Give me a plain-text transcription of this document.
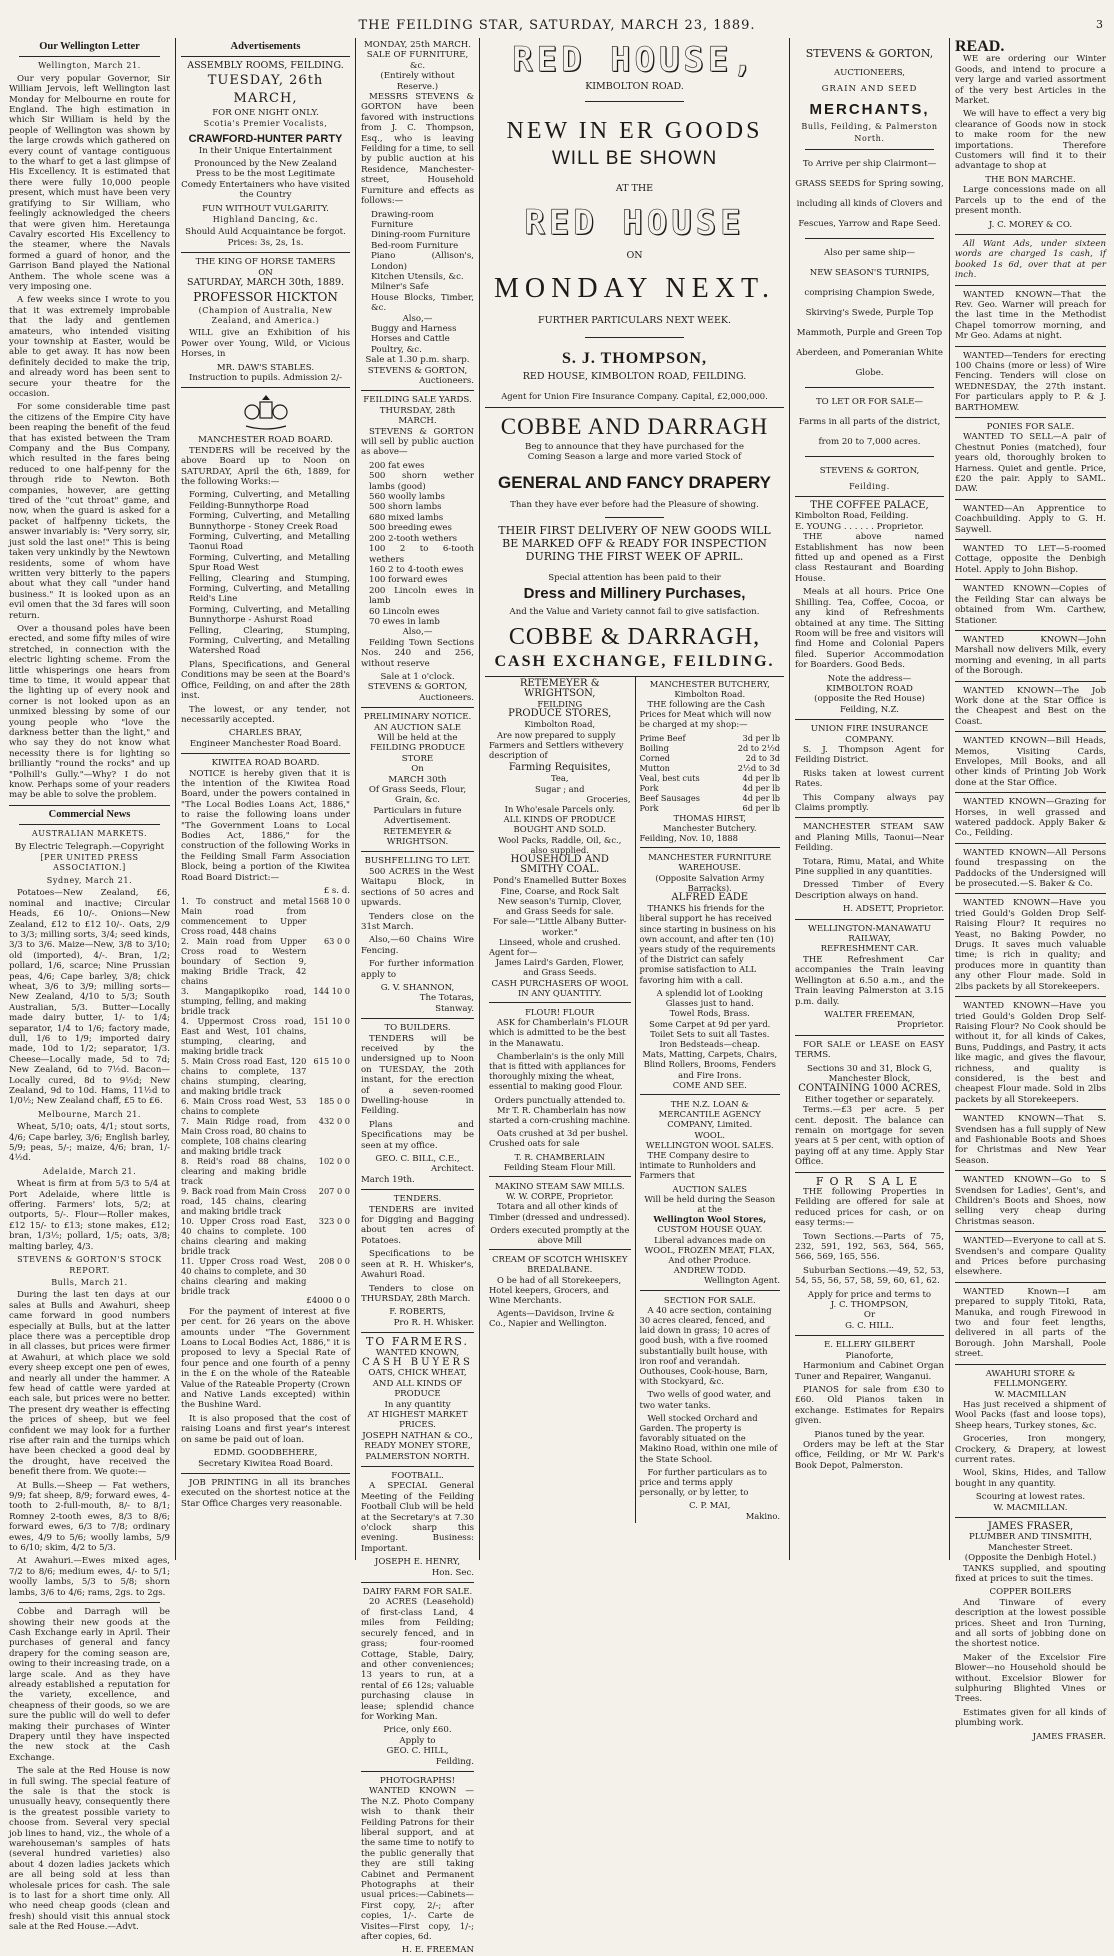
THE FEILDING STAR, SATURDAY, MARCH 23, 1889.	3
Our Wellington Letter
Wellington, March 21.

Our very popular Governor, Sir William Jervois, left Wellington last Monday for Melbourne en route for England. The high estimation in which Sir William is held by the people of Wellington was shown by the large crowds which gathered on every count of vantage contiguous to the wharf to get a last glimpse of His Excellency. It is estimated that there were fully 10,000 people present, which must have been very gratifying to Sir William, who feelingly acknowledged the cheers that were given him. Heretaunga Cavalry escorted His Excellency to the steamer, where the Navals formed a guard of honor, and the Garrison Band played the National Anthem. The whole scene was a very imposing one.

A few weeks since I wrote to you that it was extremely improbable that the lady and gentlemen amateurs, who intended visiting your township at Easter, would be able to get away. It has now been definitely decided to make the trip, and already word has been sent to secure your theatre for the occasion.

For some considerable time past the citizens of the Empire City have been reaping the benefit of the feud that has existed between the Tram Company and the Bus Company, which resulted in the fares being reduced to one half-penny for the through ride to Newton. Both companies, however, are getting tired of the "cut throat" game, and now, when the guard is asked for a packet of halfpenny tickets, the answer invariably is: "Very sorry, sir, just sold the last one!" This is being taken very unkindly by the Newtown residents, some of whom have written very bitterly to the papers about what they call "under hand business." It is looked upon as an evil omen that the 3d fares will soon return.

Over a thousand poles have been erected, and some fifty miles of wire stretched, in connection with the electric lighting scheme. From the little whisperings one hears from time to time, it would appear that the lighting up of every nook and corner is not looked upon as an unmixed blessing by some of our young people who "love the darkness better than the light," and who say they do not know what necessity there is for lighting so brilliantly "round the rocks" and up "Polhill's Gully."—Why? I do not know. Perhaps some of your readers may be able to solve the problem.

Commercial News
AUSTRALIAN MARKETS.
By Electric Telegraph.—Copyright
[PER UNITED PRESS ASSOCIATION.]
Sydney, March 21.

Potatoes—New Zealand, £6, nominal and inactive; Circular Heads, £6 10/-. Onions—New Zealand, £12 to £12 10/-. Oats, 2/9 to 3/3; milling sorts, 3/4; seed kinds, 3/3 to 3/6. Maize—New, 3/8 to 3/10; old (imported), 4/-. Bran, 1/2; pollard, 1/6, scarce; Nine Prussian peas, 4/6; Cape barley, 3/8; chick wheat, 3/6 to 3/9; milling sorts—New Zealand, 4/10 to 5/3; South Australian, 5/3. Butter—Locally made dairy butter, 1/- to 1/4; separator, 1/4 to 1/6; factory made, dull, 1/6 to 1/9; imported dairy made, 10d to 1/2; separator, 1/3. Cheese—Locally made, 5d to 7d; New Zealand, 6d to 7½d. Bacon—Locally cured, 8d to 9½d; New Zealand, 9d to 10d. Hams, 11½d to 1/0½; New Zealand chaff, £5 to £6.

Melbourne, March 21.

Wheat, 5/10; oats, 4/1; stout sorts, 4/6; Cape barley, 3/6; English barley, 5/9; peas, 5/-; maize, 4/6; bran, 1/- 4½d.

Adelaide, March 21.

Wheat is firm at from 5/3 to 5/4 at Port Adelaide, where little is offering. Farmers' lots, 5/2; at outports, 5/-. Flour—Roller makes, £12 15/- to £13; stone makes, £12; bran, 1/3½; pollard, 1/5; oats, 3/8; malting barley, 4/3.

STEVENS & GORTON'S STOCK REPORT.
Bulls, March 21.

During the last ten days at our sales at Bulls and Awahuri, sheep came forward in good numbers especially at Bulls, but at the latter place there was a perceptible drop in all classes, but prices were firmer at Awahuri, at which place we sold every sheep except one pen of ewes, and nearly all under the hammer. A few head of cattle were yarded at each sale, but prices were no better. The present dry weather is effecting the prices of sheep, but we feel confident we may look for a further rise after rain and the turnips which have been checked a good deal by the drought, have received the benefit there from. We quote:—

At Bulls.—Sheep — Fat wethers, 9/9; fat sheep, 8/9; forward ewes, 4-tooth to 2-full-mouth, 8/- to 8/1; Romney 2-tooth ewes, 8/3 to 8/6; forward ewes, 6/3 to 7/8; ordinary ewes, 4/9 to 5/6; woolly lambs, 5/9 to 6/10; skim, 4/2 to 5/3.

At Awahuri.—Ewes mixed ages, 7/2 to 8/6; medium ewes, 4/- to 5/1; woolly lambs, 5/3 to 5/8; shorn lambs, 3/6 to 4/6; rams, 2gs. to 2gs.

Cobbe and Darragh will be showing their new goods at the Cash Exchange early in April. Their purchases of general and fancy drapery for the coming season are, owing to their increasing trade, on a large scale. And as they have already established a reputation for the variety, excellence, and cheapness of their goods, so we are sure the public will do well to defer making their purchases of Winter Drapery until they have inspected the new stock at the Cash Exchange.

The sale at the Red House is now in full swing. The special feature of the sale is that the stock is unusually heavy, consequently there is the greatest possible variety to choose from. Several very special job lines to hand, viz., the whole of a warehouseman's samples of hats (several hundred varieties) also about 4 dozen ladies jackets which are all being sold at less than wholesale prices for cash. The sale is to last for a short time only. All who need cheap goods (clean and fresh) should visit this annual stock sale at the Red House.—Advt.

Advertisements
ASSEMBLY ROOMS, FEILDING.
TUESDAY, 26th MARCH,
FOR ONE NIGHT ONLY.
Scotia's Premier Vocalists,
CRAWFORD-HUNTER PARTY
In their Unique Entertainment

Pronounced by the New Zealand Press to be the most Legitimate Comedy Entertainers who have visited the Country

FUN WITHOUT VULGARITY.
Highland Dancing, &c.
Should Auld Acquaintance be forgot.
Prices: 3s, 2s, 1s.
THE KING OF HORSE TAMERS
ON
SATURDAY, MARCH 30th, 1889.
PROFESSOR HICKTON
(Champion of Australia, New Zealand, and America.)

WILL give an Exhibition of his Power over Young, Wild, or Vicious Horses, in

MR. DAW'S STABLES.
Instruction to pupils. Admission 2/-
MANCHESTER ROAD BOARD.

TENDERS will be received by the above Board up to Noon on SATURDAY, April the 6th, 1889, for the following Works:—

Forming, Culverting, and Metalling Feilding-Bunnythorpe Road
Forming, Culverting, and Metalling Bunnythorpe - Stoney Creek Road
Forming, Culverting, and Metalling Taonui Road
Forming, Culverting, and Metalling Spur Road West
Felling, Clearing and Stumping, Forming, Culverting, and Metalling Reid's Line
Forming, Culverting, and Metalling Bunnythorpe - Ashurst Road
Felling, Clearing, Stumping, Forming, Culverting, and Metalling Watershed Road

Plans, Specifications, and General Conditions may be seen at the Board's Office, Feilding, on and after the 28th inst.

The lowest, or any tender, not necessarily accepted.

CHARLES BRAY,
Engineer Manchester Road Board.
KIWITEA ROAD BOARD.

NOTICE is hereby given that it is the intention of the Kiwitea Road Board, under the powers contained in "The Local Bodies Loans Act, 1886," to raise the following loans under "The Government Loans to Local Bodies Act, 1886," for the construction of the following Works in the Feilding Small Farm Association Block, being a portion of the Kiwitea Road Board District:—

£ s. d.
1. To construct and metal Main road from commencement to Upper Cross road, 448 chains	1568 10 0
2. Main road from Upper Cross road to Western boundary of Section 9, making Bridle Track, 42 chains	63 0 0
3. Mangapikopiko road, stumping, felling, and making bridle track	144 10 0
4. Uppermost Cross road, East and West, 101 chains, stumping, clearing, and making bridle track	151 10 0
5. Main Cross road East, 120 chains to complete, 137 chains stumping, clearing, and making bridle track	615 10 0
6. Main Cross road West, 53 chains to complete	185 0 0
7. Main Ridge road, from Main Cross road, 80 chains to complete, 108 chains clearing and making bridle track	432 0 0
8. Reid's road 88 chains, clearing and making bridle track	102 0 0
9. Back road from Main Cross road, 145 chains, clearing and making bridle track	207 0 0
10. Upper Cross road East, 40 chains to complete. 100 chains clearing and making bridle track	323 0 0
11. Upper Cross road West, 40 chains to complete, and 30 chains clearing and making bridle track	208 0 0
£4000 0 0

For the payment of interest at five per cent. for 26 years on the above amounts under "The Government Loans to Local Bodies Act, 1886," it is proposed to levy a Special Rate of four pence and one fourth of a penny in the £ on the whole of the Rateable Value of the Rateable Property (Crown and Native Lands excepted) within the Bushine Ward.

It is also proposed that the cost of raising Loans and first year's interest on same be paid out of loan.

EDMD. GOODBEHERE,
Secretary Kiwitea Road Board.

JOB PRINTING in all its branches executed on the shortest notice at the Star Office Charges very reasonable.

MONDAY, 25th MARCH.
SALE OF FURNITURE, &c.
(Entirely without Reserve.)

MESSRS STEVENS & GORTON have been favored with instructions from J. C. Thompson, Esq., who is leaving Feilding for a time, to sell by public auction at his Residence, Manchester-street, Household Furniture and effects as follows:—

Drawing-room Furniture
Dining-room Furniture
Bed-room Furniture
Piano (Allison's, London)
Kitchen Utensils, &c.
Milner's Safe
House Blocks, Timber, &c.
Also,—
Buggy and Harness
Horses and Cattle
Poultry, &c.
Sale at 1.30 p.m. sharp.
STEVENS & GORTON,
Auctioneers.
FEILDING SALE YARDS.
THURSDAY, 28th MARCH.

STEVENS & GORTON will sell by public auction as above—

200 fat ewes
500 shorn wether lambs (good)
560 woolly lambs
500 shorn lambs
680 mixed lambs
500 breeding ewes
200 2-tooth wethers
100 2 to 6-tooth wethers
160 2 to 4-tooth ewes
100 forward ewes
200 Lincoln ewes in lamb
60 Lincoln ewes
70 ewes in lamb
Also,—

Feilding Town Sections Nos. 240 and 256, without reserve

Sale at 1 o'clock.
STEVENS & GORTON,
Auctioneers.
PRELIMINARY NOTICE.
AN AUCTION SALE
Will be held at the
FEILDING PRODUCE STORE
On
MARCH 30th
Of Grass Seeds, Flour, Grain, &c.
Particulars in future Advertisement.
RETEMEYER & WRIGHTSON.
BUSHFELLING TO LET.

500 ACRES in the West Waitapu Block, in sections of 50 acres and upwards.

Tenders close on the 31st March.

Also,—60 Chains Wire Fencing.

For further information apply to

G. V. SHANNON,
The Totaras,
Stanway.
TO BUILDERS.

TENDERS will be received by the undersigned up to Noon on TUESDAY, the 20th instant, for the erection of a seven-roomed Dwelling-house in Feilding.

Plans and Specifications may be seen at my office.

GEO. C. BILL, C.E.,
Architect.
March 19th.
TENDERS.

TENDERS are invited for Digging and Bagging about ten acres of Potatoes.

Specifications to be seen at R. H. Whisker's, Awahuri Road.

Tenders to close on THURSDAY, 28th March.

F. ROBERTS,
Pro R. H. Whisker.
TO FARMERS.
WANTED KNOWN,
CASH BUYERS
OATS, CHICK WHEAT, AND ALL KINDS OF PRODUCE
In any quantity
AT HIGHEST MARKET PRICES.
JOSEPH NATHAN & CO.,
READY MONEY STORE,
PALMERSTON NORTH.
FOOTBALL.

A SPECIAL General Meeting of the Feilding Football Club will be held at the Secretary's at 7.30 o'clock sharp this evening. Business: Important.

JOSEPH E. HENRY,
Hon. Sec.
DAIRY FARM FOR SALE.

20 ACRES (Leasehold) of first-class Land, 4 miles from Feilding; securely fenced, and in grass; four-roomed Cottage, Stable, Dairy, and other conveniences; 13 years to run, at a rental of £6 12s; valuable purchasing clause in lease; splendid chance for Working Man.

Price, only £60.
Apply to
GEO. C. HILL,
Feilding.
PHOTOGRAPHS!

WANTED KNOWN — The N.Z. Photo Company wish to thank their Feilding Patrons for their liberal support, and at the same time to notify to the public generally that they are still taking Cabinet and Permanent Photographs at their usual prices:—Cabinets—First copy, 2/-; after copies, 1/-. Carte de Visites—First copy, 1/-; after copies, 6d.

H. E. FREEMAN
RED HOUSE,
KIMBOLTON ROAD.
NEW IN ER GOODS
WILL BE SHOWN
AT THE
RED HOUSE
ON
MONDAY NEXT.
FURTHER PARTICULARS NEXT WEEK.
S. J. THOMPSON,
RED HOUSE, KIMBOLTON ROAD, FEILDING.
Agent for Union Fire Insurance Company. Capital, £2,000,000.
COBBE AND DARRAGH
Beg to announce that they have purchased for the Coming Season a large and more varied Stock of
GENERAL AND FANCY DRAPERY
Than they have ever before had the Pleasure of showing.
THEIR FIRST DELIVERY OF NEW GOODS WILL BE MARKED OFF & READY FOR INSPECTION DURING THE FIRST WEEK OF APRIL.
Special attention has been paid to their
Dress and Millinery Purchases,
And the Value and Variety cannot fail to give satisfaction.
COBBE & DARRAGH,
CASH EXCHANGE, FEILDING.
RETEMEYER & WRIGHTSON,
FEILDING
PRODUCE STORES,
Kimbolton Road,

Are now prepared to supply Farmers and Settlers withevery description of

Farming Requisites,
Tea,
Sugar ; and
Groceries,
In Who'esale Parcels only.
ALL KINDS OF PRODUCE BOUGHT AND SOLD.
Wool Packs, Raddle, Oil, &c., also supplied.
HOUSEHOLD AND SMITHY COAL.
Pond's Enamelled Butter Boxes
Fine, Coarse, and Rock Salt
New season's Turnip, Clover, and Grass Seeds for sale.
For sale—"Little Albany Butter-worker."
Linseed, whole and crushed.
Agent for—
James Laird's Garden, Flower, and Grass Seeds.
CASH PURCHASERS OF WOOL IN ANY QUANTITY.
FLOUR! FLOUR

ASK for Chamberlain's FLOUR which is admitted to be the best in the Manawatu.

Chamberlain's is the only Mill that is fitted with appliances for thoroughly mixing the wheat, essential to making good Flour.

Orders punctually attended to.

Mr T. R. Chamberlain has now started a corn-crushing machine.

Oats crushed at 3d per bushel. Crushed oats for sale

T. R. CHAMBERLAIN
Feilding Steam Flour Mill.
MAKINO STEAM SAW MILLS.
W. W. CORPE, Proprietor.

Totara and all other kinds of Timber (dressed and undressed).

Orders executed promptly at the above Mill
CREAM OF SCOTCH WHISKEY BREDALBANE.

O be had of all Storekeepers, Hotel keepers, Grocers, and Wine Merchants.

Agents—Davidson, Irvine & Co., Napier and Wellington.

MANCHESTER BUTCHERY,
Kimbolton Road.

THE following are the Cash Prices for Meat which will now be charged at my shop:—

Prime Beef	3d per lb
Boiling	2d to 2½d
Corned	2d to 3d
Mutton	2½d to 3d
Veal, best cuts	4d per lb
Pork	4d per lb
Beef Sausages	4d per lb
Pork	6d per lb
THOMAS HIRST,
Manchester Butchery.
Feilding, Nov. 10, 1888
MANCHESTER FURNITURE WAREHOUSE.
(Opposite Salvation Army Barracks).
ALFRED EADE

THANKS his friends for the liberal support he has received since starting in business on his own account, and after ten (10) years study of the requirements of the District can safely promise satisfaction to ALL favoring him with a call.

A splendid lot of Looking Glasses just to hand.
Towel Rods, Brass.
Some Carpet at 9d per yard.
Toilet Sets to suit all Tastes.
Iron Bedsteads—cheap.
Mats, Matting, Carpets, Chairs, Blind Rollers, Brooms, Fenders and Fire Irons.
COME AND SEE.
THE N.Z. LOAN & MERCANTILE AGENCY COMPANY, Limited.
WOOL.
WELLINGTON WOOL SALES.

THE Company desire to intimate to Runholders and Farmers that

AUCTION SALES
Will be held during the Season at the
Wellington Wool Stores,
CUSTOM HOUSE QUAY.
Liberal advances made on
WOOL, FROZEN MEAT, FLAX,
And other Produce.
ANDREW TODD.
Wellington Agent.
SECTION FOR SALE.

A 40 acre section, containing 30 acres cleared, fenced, and laid down in grass; 10 acres of good bush, with a five roomed substantially built house, with iron roof and verandah. Outhouses, Cook-house, Barn, with Stockyard, &c.

Two wells of good water, and two water tanks.

Well stocked Orchard and Garden. The property is favorably situated on the Makino Road, within one mile of the State School.

For further particulars as to price and terms apply personally, or by letter, to

C. P. MAI,
Makino.
STEVENS & GORTON,
AUCTIONEERS,
GRAIN AND SEED
MERCHANTS,
Bulls, Feilding, & Palmerston
North.
To Arrive per ship Clairmont—
GRASS SEEDS for Spring sowing, including all kinds of Clovers and Fescues, Yarrow and Rape Seed.
Also per same ship—
NEW SEASON'S TURNIPS, comprising Champion Swede, Skirving's Swede, Purple Top Mammoth, Purple and Green Top Aberdeen, and Pomeranian White Globe.
TO LET OR FOR SALE—
Farms in all parts of the district, from 20 to 7,000 acres.
STEVENS & GORTON,
Feilding.
THE COFFEE PALACE,
Kimbolton Road, Feilding.
E. YOUNG . . . . . . Proprietor.

THE above named Establishment has now been fitted up and opened as a First class Restaurant and Boarding House.

Meals at all hours. Price One Shilling. Tea, Coffee, Cocoa, or any kind of Refreshments obtained at any time. The Sitting Room will be free and visitors will find Home and Colonial Papers filed. Superior Accommodation for Boarders. Good Beds.

Note the address—
KIMBOLTON ROAD
(opposite the Red House)
Feilding, N.Z.
UNION FIRE INSURANCE COMPANY.

S. J. Thompson Agent for Feilding District.

Risks taken at lowest current Rates.

This Company always pay Claims promptly.

MANCHESTER STEAM SAW and Planing Mills, Taonui—Near Feilding.

Totara, Rimu, Matai, and White Pine supplied in any quantities.

Dressed Timber of Every Description always on hand.

H. ADSETT, Proprietor.
WELLINGTON-MANAWATU RAILWAY,
REFRESHMENT CAR.

THE Refreshment Car accompanies the Train leaving Wellington at 6.50 a.m., and the Train leaving Palmerston at 3.15 p.m. daily.

WALTER FREEMAN,
Proprietor.

FOR SALE or LEASE on EASY TERMS.

Sections 30 and 31, Block G, Manchester Block,
CONTAINING 1000 ACRES,
Either together or separately.

Terms.—£3 per acre. 5 per cent. deposit. The balance can remain on mortgage for seven years at 5 per cent, with option of paying off at any time. Apply Star Office.

FOR SALE

THE following Properties in Feilding are offered for sale at reduced prices for cash, or on easy terms:—

Town Sections.—Parts of 75, 232, 591, 192, 563, 564, 565, 566, 569, 165, 556.

Suburban Sections.—49, 52, 53, 54, 55, 56, 57, 58, 59, 60, 61, 62.

Apply for price and terms to
J. C. THOMPSON,
Or
G. C. HILL.
E. ELLERY GILBERT
Pianoforte,

Harmonium and Cabinet Organ Tuner and Repairer, Wanganui.

PIANOS for sale from £30 to £60. Old Pianos taken in exchange. Estimates for Repairs given.

Pianos tuned by the year.

Orders may be left at the Star office, Feilding, or Mr W. Park's Book Depot, Palmerston.

READ.

WE are ordering our Winter Goods, and intend to procure a very large and varied assortment of the very best Articles in the Market.

We will have to effect a very big clearance of Goods now in stock to make room for the new importations. Therefore Customers will find it to their advantage to shop at

THE BON MARCHE.

Large concessions made on all Parcels up to the end of the present month.

J. C. MOREY & CO.

All Want Ads, under sixteen words are charged 1s cash, if booked 1s 6d, over that at per inch.

WANTED KNOWN—That the Rev. Geo. Warner will preach for the last time in the Methodist Chapel tomorrow morning, and Mr Geo. Adams at night.

WANTED—Tenders for erecting 100 Chains (more or less) of Wire Fencing. Tenders will close on WEDNESDAY, the 27th instant. For particulars apply to P. & J. BARTHOMEW.

PONIES FOR SALE.

WANTED TO SELL—A pair of Chestnut Ponies (matched), four years old, thoroughly broken to Harness. Quiet and gentle. Price, £20 the pair. Apply to SAML. DAW.

WANTED—An Apprentice to Coachbuilding. Apply to G. H. Saywell.

WANTED TO LET—5-roomed Cottage, opposite the Denbigh Hotel. Apply to John Bishop.

WANTED KNOWN—Copies of the Feilding Star can always be obtained from Wm. Carthew, Stationer.

WANTED KNOWN—John Marshall now delivers Milk, every morning and evening, in all parts of the Borough.

WANTED KNOWN—The Job Work done at the Star Office is the Cheapest and Best on the Coast.

WANTED KNOWN—Bill Heads, Memos, Visiting Cards, Envelopes, Mill Books, and all other kinds of Printing Job Work done at the Star Office.

WANTED KNOWN—Grazing for Horses, in well grassed and watered paddock. Apply Baker & Co., Feilding.

WANTED KNOWN—All Persons found trespassing on the Paddocks of the Undersigned will be prosecuted.—S. Baker & Co.

WANTED KNOWN—Have you tried Gould's Golden Drop Self-Raising Flour? It requires no Yeast, no Baking Powder, no Drugs. It saves much valuable time; is rich in quality; and produces more in quantity than any other Flour made. Sold in 2lbs packets by all Storekeepers.

WANTED KNOWN—Have you tried Gould's Golden Drop Self-Raising Flour? No Cook should be without it, for all kinds of Cakes, Buns, Puddings, and Pastry, it acts like magic, and gives the flavour, richness, and quality is considered, is the best and cheapest Flour made. Sold in 2lbs packets by all Storekeepers.

WANTED KNOWN—That S. Svendsen has a full supply of New and Fashionable Boots and Shoes for Christmas and New Year Season.

WANTED KNOWN—Go to S Svendsen for Ladies', Gent's, and Children's Boots and Shoes, now selling very cheap during Christmas season.

WANTED—Everyone to call at S. Svendsen's and compare Quality and Prices before purchasing elsewhere.

WANTED Known—I am prepared to supply Titoki, Rata, Manuka, and rough Firewood in two and four feet lengths, delivered in all parts of the Borough. John Marshall, Poole street.

AWAHURI STORE & FELLMONGERY.
W. MACMILLAN

Has just received a shipment of Wool Packs (fast and loose tops), Sheep hears, Turkey stones, &c.

Groceries, Iron mongery, Crockery, & Drapery, at lowest current rates.

Wool, Skins, Hides, and Tallow bought in any quantity.

Scouring at lowest rates.
W. MACMILLAN.
JAMES FRASER,
PLUMBER AND TINSMITH,
Manchester Street.
(Opposite the Denbigh Hotel.)

TANKS supplied, and spouting fixed at prices to suit the times.

COPPER BOILERS

And Tinware of every description at the lowest possible prices. Sheet and Iron Turning, and all sorts of jobbing done on the shortest notice.

Maker of the Excelsior Fire Blower—no Household should be without. Excelsior Blower for sulphuring Blighted Vines or Trees.

Estimates given for all kinds of plumbing work.

JAMES FRASER.
